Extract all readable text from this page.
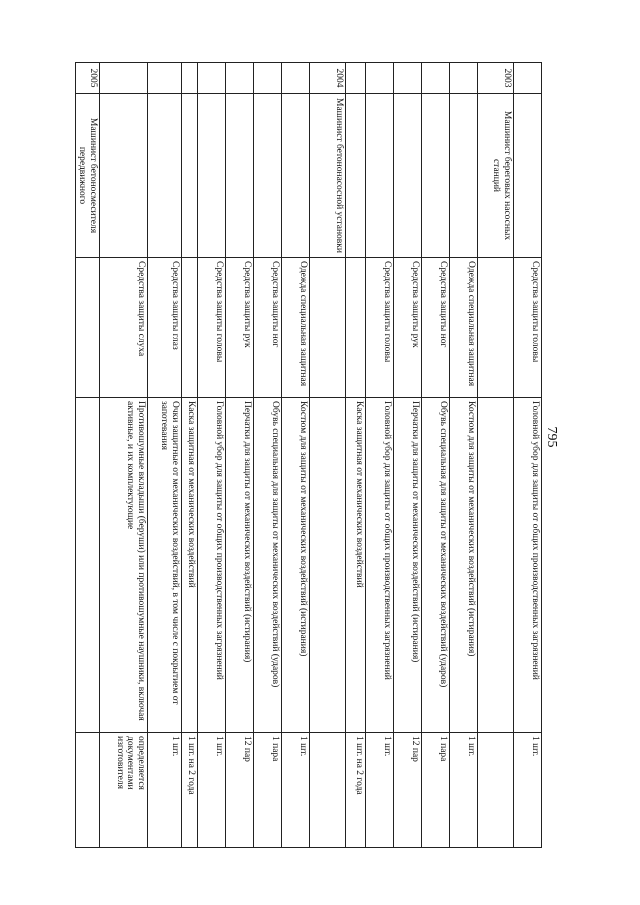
795
		Средства защиты головы	Головной убор для защиты от общих производственных загрязнений	1 шт.
2003	Машинист береговых насосных станций			
		Одежда специальная защитная	Костюм для защиты от механических воздействий (истирания)	1 шт.
		Средства защиты ног	Обувь специальная для защиты от механических воздействий (ударов)	1 пара
		Средства защиты рук	Перчатки для защиты от механических воздействий (истирания)	12 пар
		Средства защиты головы	Головной убор для защиты от общих производственных загрязнений	1 шт.
			Каска защитная от механических воздействий	1 шт. на 2 года
2004	Машинист бетононасосной установки			
		Одежда специальная защитная	Костюм для защиты от механических воздействий (истирания)	1 шт.
		Средства защиты ног	Обувь специальная для защиты от механических воздействий (ударов)	1 пара
		Средства защиты рук	Перчатки для защиты от механических воздействий (истирания)	12 пар
		Средства защиты головы	Головной убор для защиты от общих производственных загрязнений	1 шт.
			Каска защитная от механических воздействий	1 шт. на 2 года
		Средства защиты глаз	Очки защитные от механических воздействий, в том числе с покрытием от запотевания	1 шт.
		Средства защиты слуха	Противошумные вкладыши (беруши) или противошумные наушники, включая активные, и их комплектующие	определяется документами изготовителя
2005	Машинист бетоносмесителя передвижного			
